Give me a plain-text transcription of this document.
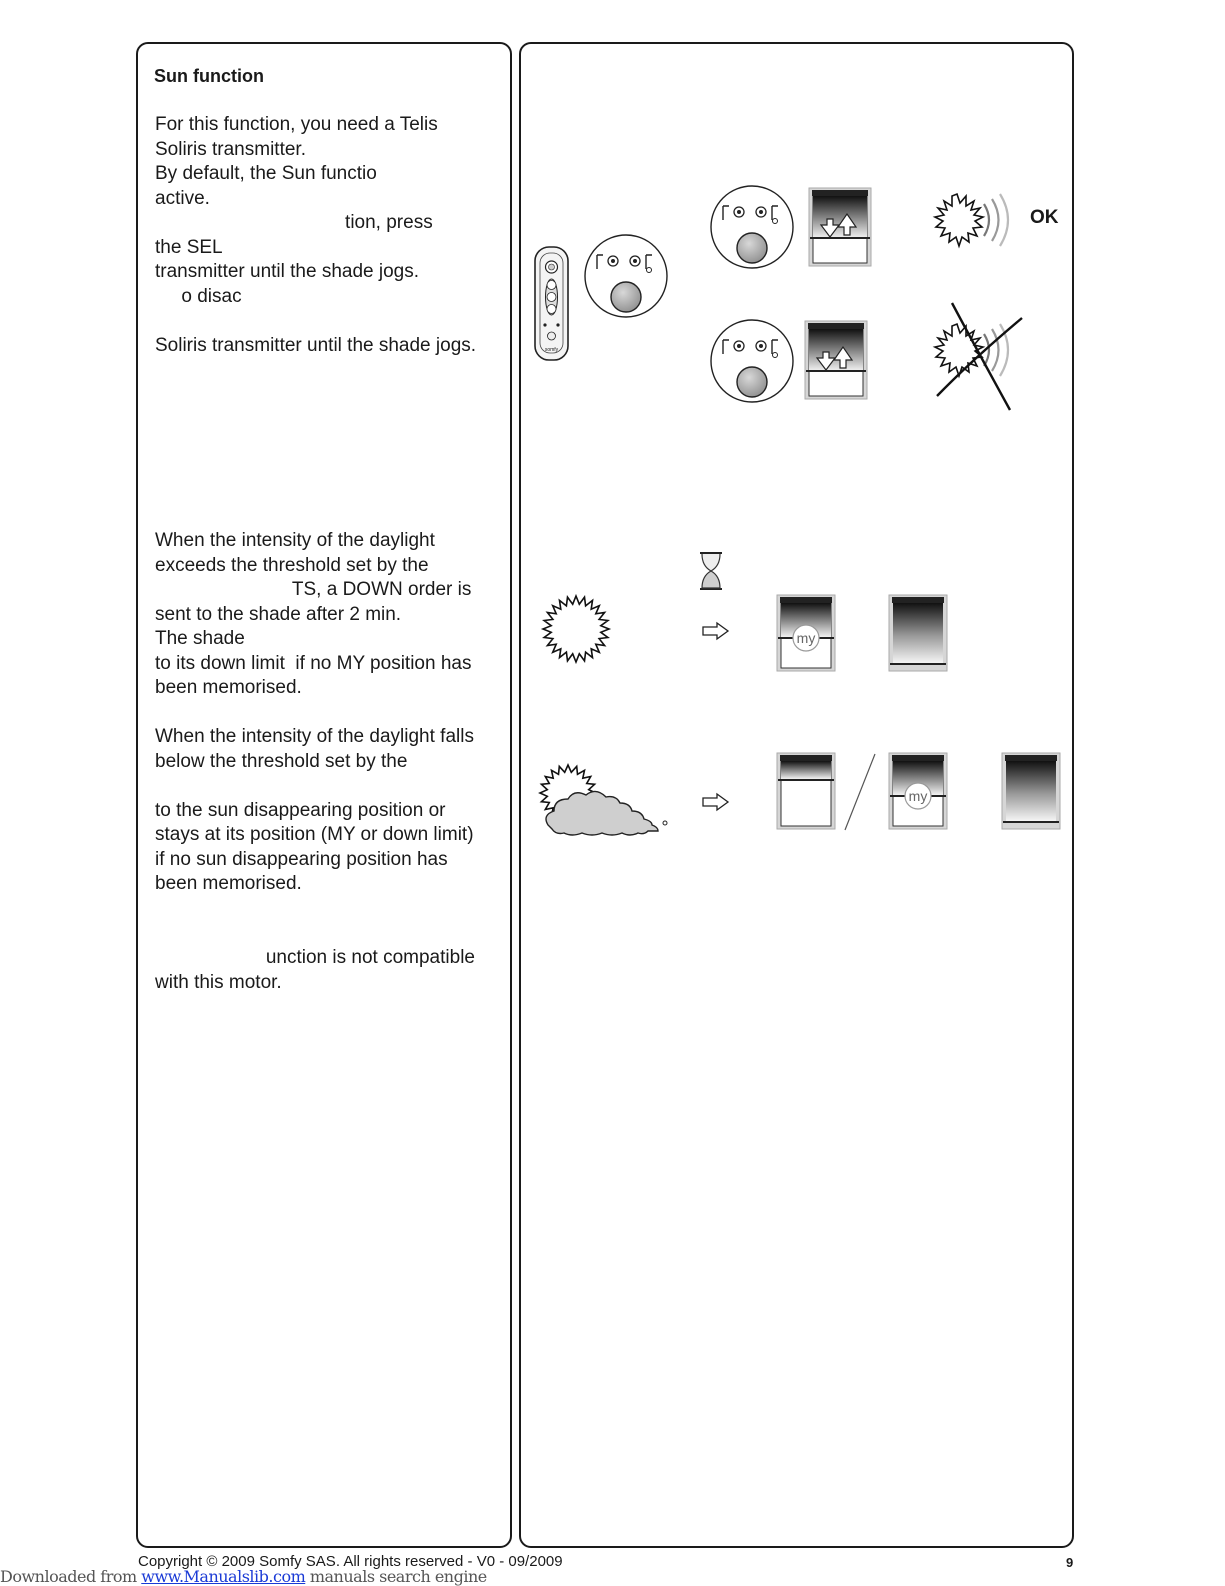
Sun function
For this function, you need a Telis
Soliris transmitter.
By default, the Sun functio
active.
tion, press
the SEL
transmitter until the shade jogs.
o disac
Soliris transmitter until the shade jogs.
When the intensity of the daylight
exceeds the threshold set by the
TS, a DOWN order is
sent to the shade after 2 min.
The shade
to its down limit  if no MY position has
been memorised.
When the intensity of the daylight falls
below the threshold set by the
to the sun disappearing position or
stays at its position (MY or down limit)
if no sun disappearing position has
been memorised.
unction is not compatible
with this motor.
somfy
OK
my
my
Copyright © 2009 Somfy SAS. All rights reserved - V0 - 09/2009	9
Downloaded from www.Manualslib.com manuals search engine
